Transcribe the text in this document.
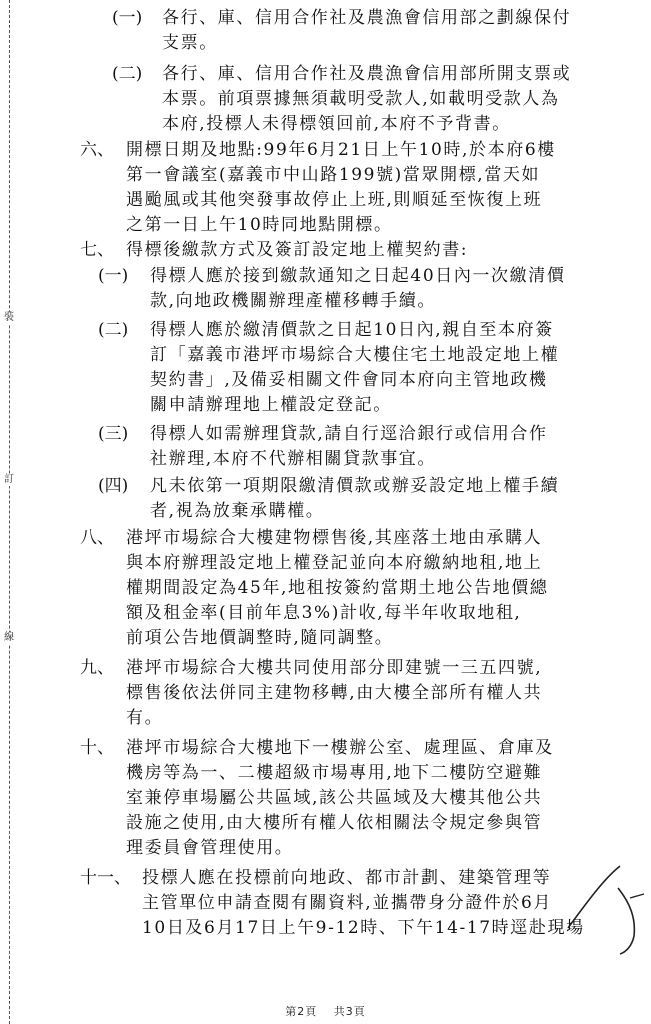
裝
訂
線
(一) 各行、庫、信用合作社及農漁會信用部之劃線保付
支票。
(二) 各行、庫、信用合作社及農漁會信用部所開支票或
本票。前項票據無須載明受款人,如載明受款人為
本府,投標人未得標領回前,本府不予背書。
六、 開標日期及地點:99年6月21日上午10時,於本府6樓
第一會議室(嘉義市中山路199號)當眾開標,當天如
遇颱風或其他突發事故停止上班,則順延至恢復上班
之第一日上午10時同地點開標。
七、 得標後繳款方式及簽訂設定地上權契約書:
(一) 得標人應於接到繳款通知之日起40日內一次繳清價
款,向地政機關辦理產權移轉手續。
(二) 得標人應於繳清價款之日起10日內,親自至本府簽
訂「嘉義市港坪市場綜合大樓住宅土地設定地上權
契約書」,及備妥相關文件會同本府向主管地政機
關申請辦理地上權設定登記。
(三) 得標人如需辦理貸款,請自行逕洽銀行或信用合作
社辦理,本府不代辦相關貸款事宜。
(四) 凡未依第一項期限繳清價款或辦妥設定地上權手續
者,視為放棄承購權。
八、 港坪市場綜合大樓建物標售後,其座落土地由承購人
與本府辦理設定地上權登記並向本府繳納地租,地上
權期間設定為45年,地租按簽約當期土地公告地價總
額及租金率(目前年息3%)計收,每半年收取地租,
前項公告地價調整時,隨同調整。
九、 港坪市場綜合大樓共同使用部分即建號一三五四號,
標售後依法併同主建物移轉,由大樓全部所有權人共
有。
十、 港坪市場綜合大樓地下一樓辦公室、處理區、倉庫及
機房等為一、二樓超級市場專用,地下二樓防空避難
室兼停車場屬公共區域,該公共區域及大樓其他公共
設施之使用,由大樓所有權人依相關法令規定參與管
理委員會管理使用。
十一、 投標人應在投標前向地政、都市計劃、建築管理等
主管單位申請查閱有關資料,並攜帶身分證件於6月
10日及6月17日上午9-12時、下午14-17時逕赴現場
第2頁 共3頁
